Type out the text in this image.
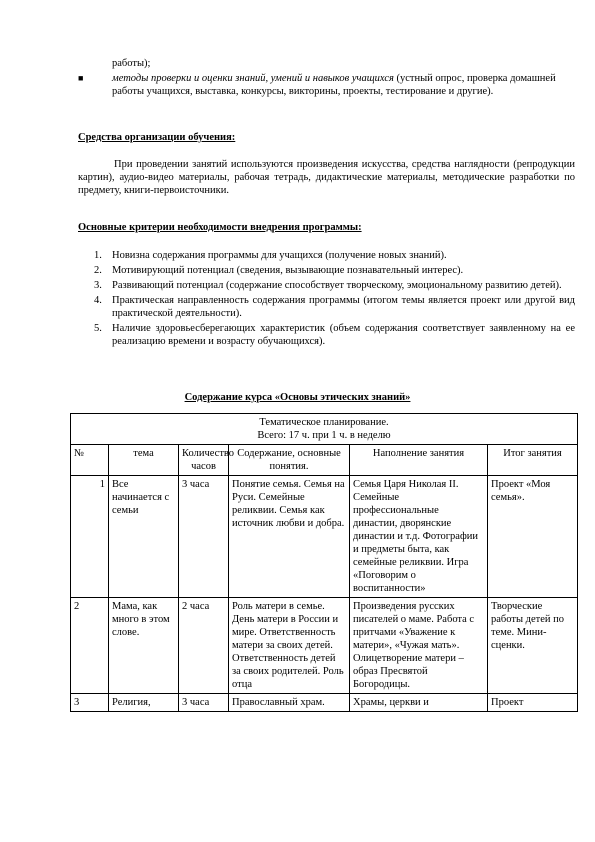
работы);
■	методы проверки и оценки знаний, умений и навыков учащихся (устный опрос, проверка домашней работы учащихся, выставка, конкурсы, викторины, проекты, тестирование и другие).
Средства организации обучения:
При проведении занятий используются произведения искусства, средства наглядности (репродукции картин), аудио-видео материалы, рабочая тетрадь, дидактические материалы, методические разработки по предмету, книги-первоисточники.
Основные критерии необходимости внедрения программы:
1. Новизна содержания программы для учащихся (получение новых знаний).
2. Мотивирующий потенциал (сведения, вызывающие познавательный интерес).
3. Развивающий потенциал (содержание способствует творческому, эмоциональному развитию детей).
4. Практическая направленность содержания программы (итогом темы является проект или другой вид практической деятельности).
5. Наличие здоровьесберегающих характеристик (объем содержания соответствует заявленному на ее реализацию времени и возрасту обучающихся).
Содержание курса «Основы этических знаний»
Тематическое планирование.
Всего: 17 ч. при 1 ч. в неделю					

№	тема	Количество часов	Содержание, основные понятия.	Наполнение занятия	Итог занятия
1	Все начинается с семьи	3 часа	Понятие семья. Семья на Руси. Семейные реликвии. Семья как источник любви и добра.	Семья Царя Николая II. Семейные профессиональные династии, дворянские династии и т.д. Фотографии и предметы быта, как семейные реликвии. Игра «Поговорим о воспитанности»	Проект «Моя семья».
2	Мама, как много в этом слове.	2 часа	Роль матери в семье. День матери в России и мире. Ответственность матери за своих детей. Ответственность детей за своих родителей. Роль отца	Произведения русских писателей о маме. Работа с притчами «Уважение к матери», «Чужая мать». Олицетворение матери – образ Пресвятой Богородицы.	Творческие работы детей по теме. Мини-сценки.
3	Религия,	3 часа	Православный храм.	Храмы, церкви и	Проект
